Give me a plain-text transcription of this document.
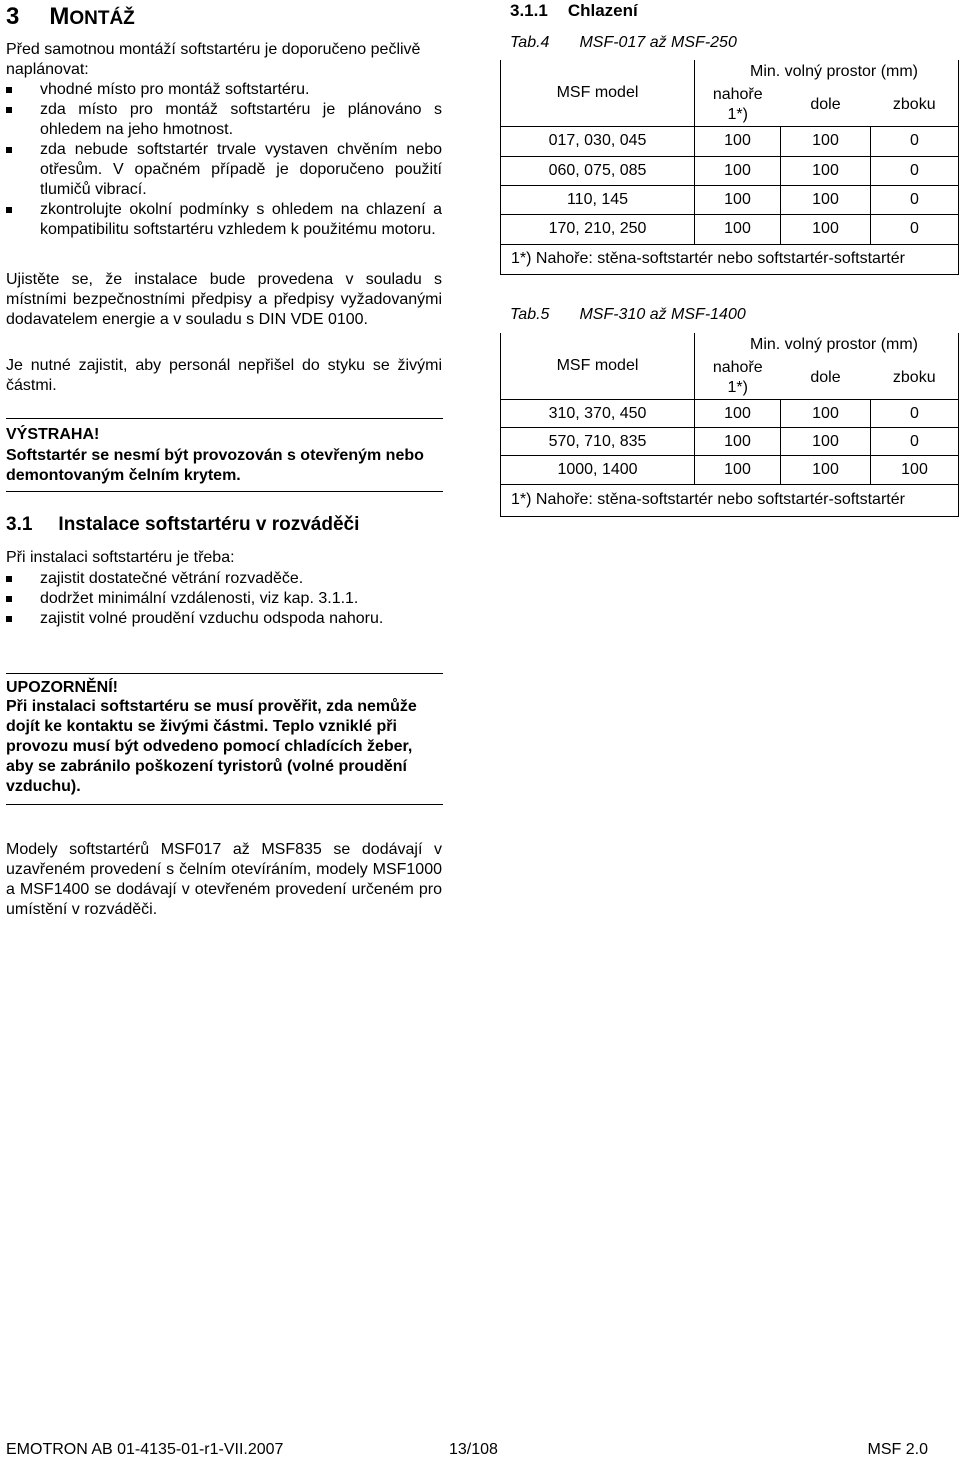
3 MONTÁŽ
Před samotnou montáží softstartéru je doporučeno pečlivě naplánovat:
vhodné místo pro montáž softstartéru.
zda místo pro montáž softstartéru je plánováno s ohledem na jeho hmotnost.
zda nebude softstartér trvale vystaven chvěním nebo otřesům. V opačném případě je doporučeno použití tlumičů vibrací.
zkontrolujte okolní podmínky s ohledem na chlazení a kompatibilitu softstartéru vzhledem k použitému motoru.
Ujistěte se, že instalace bude provedena v souladu s místními bezpečnostními předpisy a předpisy vyžadovanými dodavatelem energie a v souladu s DIN VDE 0100.
Je nutné zajistit, aby personál nepřišel do styku se živými částmi.
VÝSTRAHA!
Softstartér se nesmí být provozován s otevřeným nebo demontovaným čelním krytem.
3.1 Instalace softstartéru v rozváděči
Při instalaci softstartéru je třeba:
zajistit dostatečné větrání rozvaděče.
dodržet minimální vzdálenosti, viz kap. 3.1.1.
zajistit volné proudění vzduchu odspoda nahoru.
UPOZORNĚNÍ!
Při instalaci softstartéru se musí prověřit, zda nemůže dojít ke kontaktu se živými částmi. Teplo vzniklé při provozu musí být odvedeno pomocí chladících žeber, aby se zabránilo poškození tyristorů (volné proudění vzduchu).
Modely softstartérů MSF017 až MSF835 se dodávají v uzavřeném provedení s čelním otevíráním, modely MSF1000 a MSF1400 se dodávají v otevřeném provedení určeném pro umístění v rozváděči.
3.1.1 Chlazení
Tab.4 MSF-017 až MSF-250
MSF model	Min. volný prostor (mm)		
	nahoře 1*)	dole	zboku
017, 030, 045	100	100	0
060, 075, 085	100	100	0
110, 145	100	100	0
170, 210, 250	100	100	0
1*) Nahoře: stěna-softstartér nebo softstartér-softstartér			
Tab.5 MSF-310 až MSF-1400
MSF model	Min. volný prostor (mm)		
	nahoře 1*)	dole	zboku
310, 370, 450	100	100	0
570, 710, 835	100	100	0
1000, 1400	100	100	100
1*) Nahoře: stěna-softstartér nebo softstartér-softstartér			
EMOTRON AB 01-4135-01-r1-VII.2007	13/108	MSF 2.0
